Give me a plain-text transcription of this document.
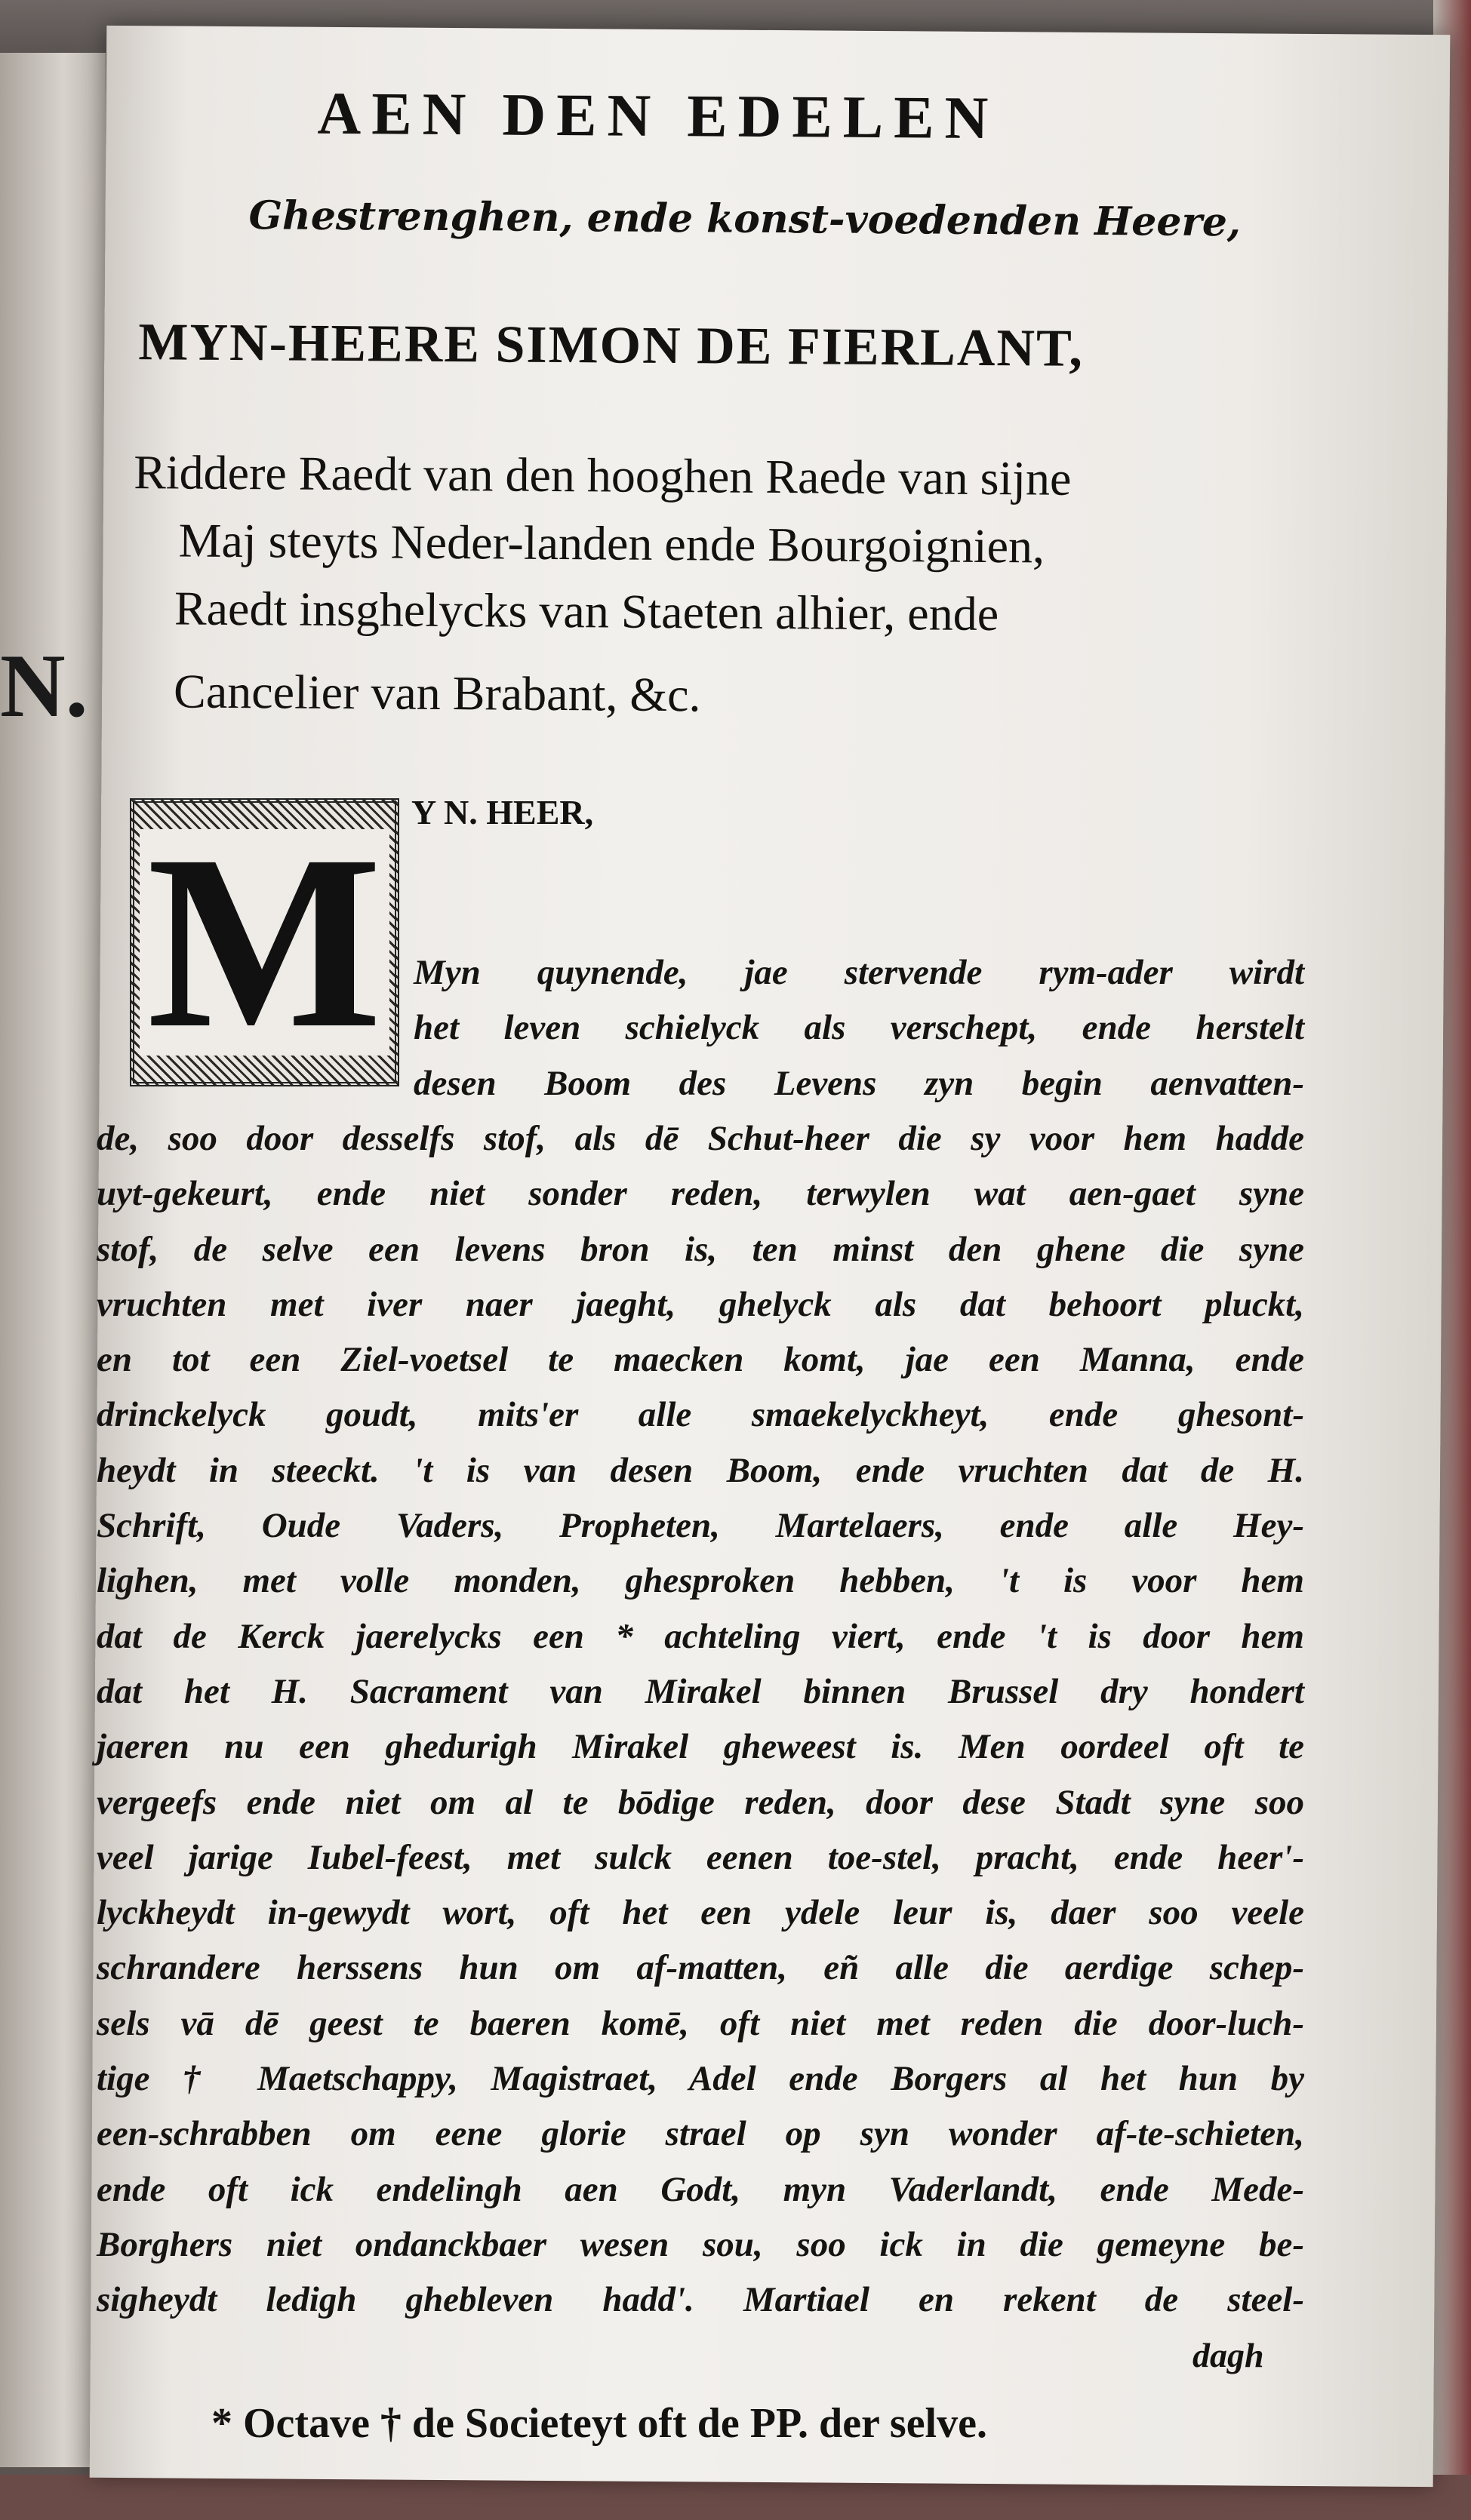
N.
AEN DEN EDELEN
Ghestrenghen, ende konst-voedenden Heere,
MYN-HEERE SIMON DE FIERLANT,
Riddere Raedt van den hooghen Raede van sijne
Maj steyts Neder-landen ende Bourgoignien,
Raedt insghelycks van Staeten alhier, ende
Cancelier van Brabant, &c.
M Y N. HEER,
Myn quynende, jae stervende rym-ader wirdt
het leven schielyck als verschept, ende herstelt
desen Boom des Levens zyn begin aenvatten-
de, soo door desselfs stof, als dē Schut-heer die sy voor hem hadde
uyt-gekeurt, ende niet sonder reden, terwylen wat aen-gaet syne
stof, de selve een levens bron is, ten minst den ghene die syne
vruchten met iver naer jaeght, ghelyck als dat behoort pluckt,
en tot een Ziel-voetsel te maecken komt, jae een Manna, ende
drinckelyck goudt, mits'er alle smaekelyckheyt, ende ghesont-
heydt in steeckt. 't is van desen Boom, ende vruchten dat de H.
Schrift, Oude Vaders, Propheten, Martelaers, ende alle Hey-
lighen, met volle monden, ghesproken hebben, 't is voor hem
dat de Kerck jaerelycks een * achteling viert, ende 't is door hem
dat het H. Sacrament van Mirakel binnen Brussel dry hondert
jaeren nu een ghedurigh Mirakel gheweest is. Men oordeel oft te
vergeefs ende niet om al te bōdige reden, door dese Stadt syne soo
veel jarige Iubel-feest, met sulck eenen toe-stel, pracht, ende heer'-
lyckheydt in-gewydt wort, oft het een ydele leur is, daer soo veele
schrandere herssens hun om af-matten, eñ alle die aerdige schep-
sels vā dē geest te baeren komē, oft niet met reden die door-luch-
tige † Maetschappy, Magistraet, Adel ende Borgers al het hun by
een-schrabben om eene glorie strael op syn wonder af-te-schieten,
ende oft ick endelingh aen Godt, myn Vaderlandt, ende Mede-
Borghers niet ondanckbaer wesen sou, soo ick in die gemeyne be-
sigheydt ledigh ghebleven hadd'. Martiael en rekent de steel-
dagh
* Octave † de Societeyt oft de PP. der selve.
